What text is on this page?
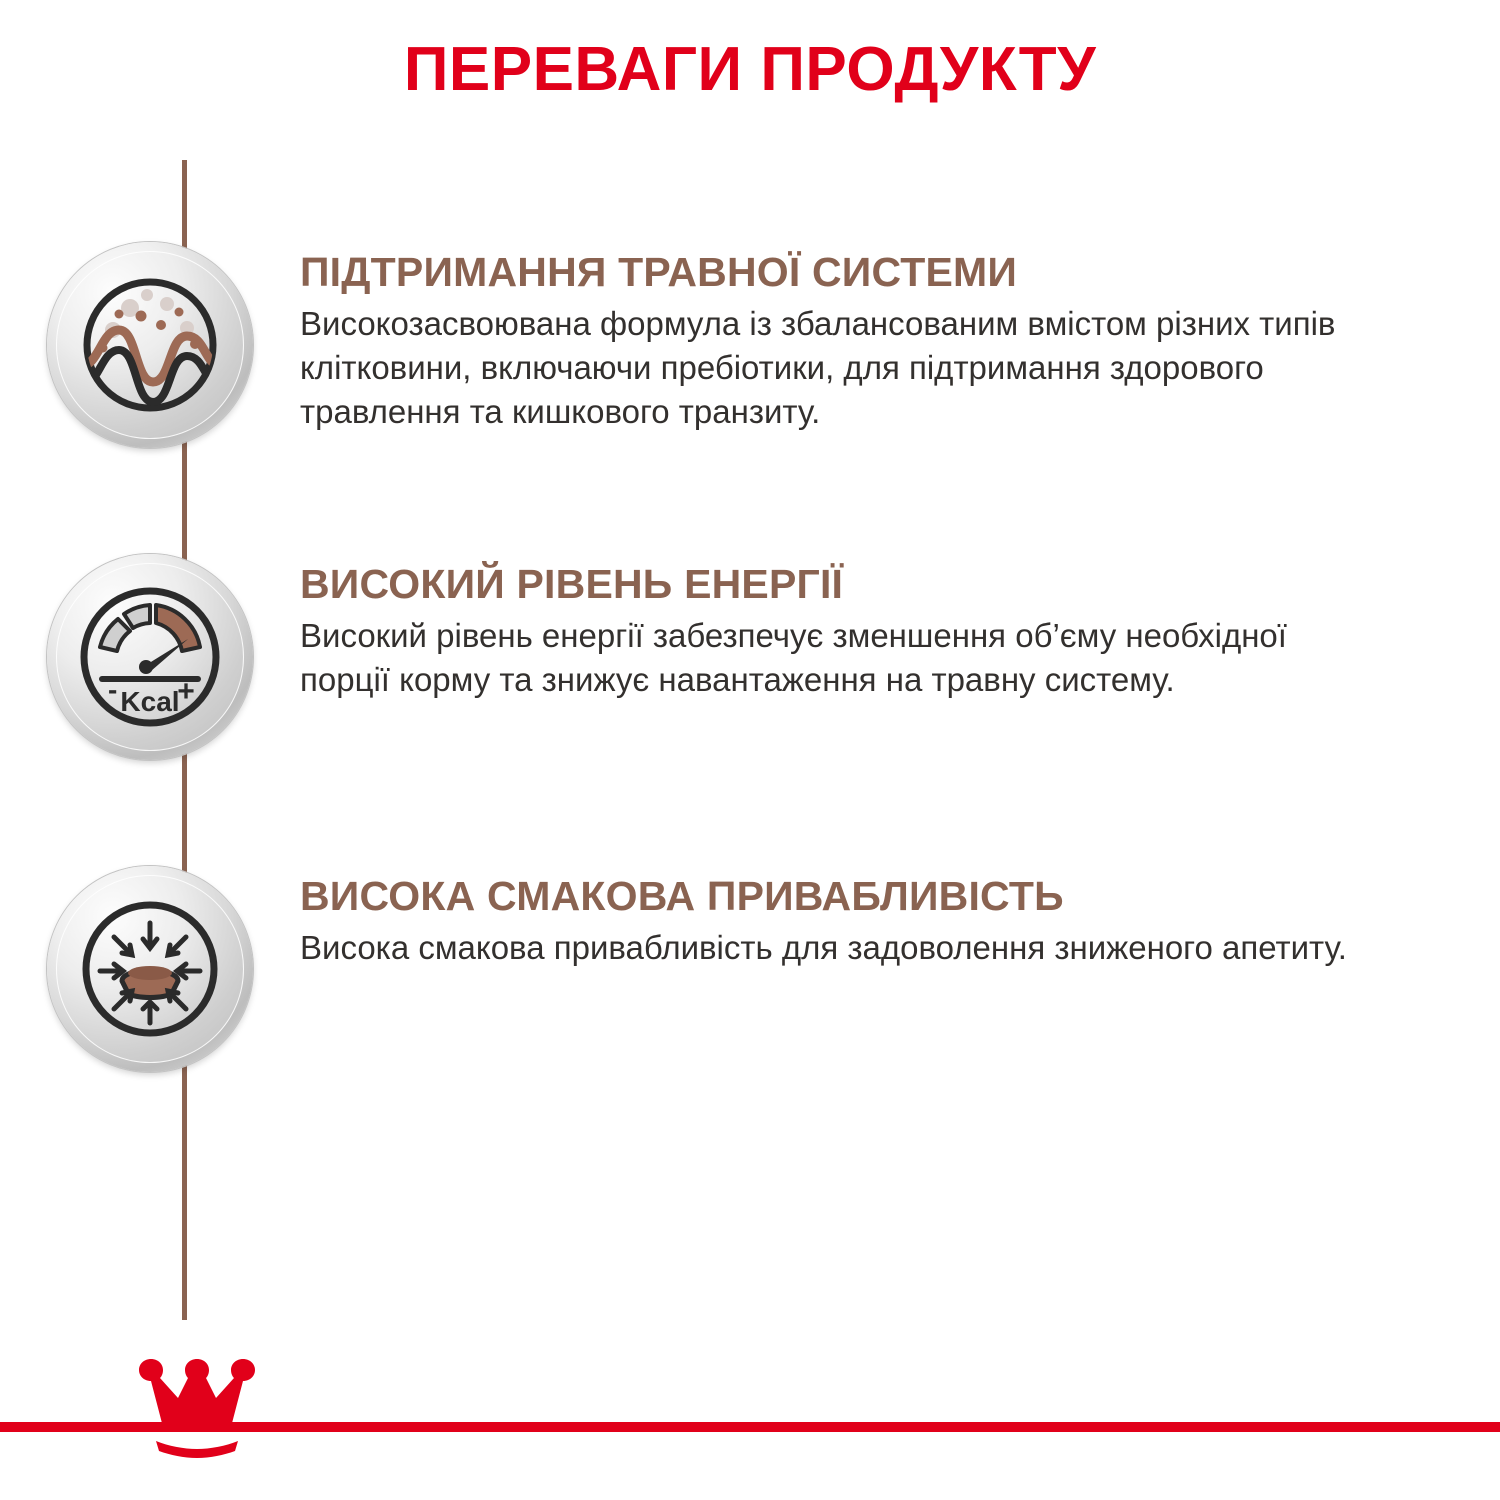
ПЕРЕВАГИ ПРОДУКТУ

ПІДТРИМАННЯ ТРАВНОЇ СИСТЕМИ

Високозасвоювана формула із збалансованим вмістом різних типів клітковини, включаючи пребіотики, для підтримання здорового травлення та кишкового транзиту.

- Kcal
+

ВИСОКИЙ РІВЕНЬ ЕНЕРГІЇ

Високий рівень енергії забезпечує зменшення об’єму необхідної порції корму та знижує навантаження на травну систему.

ВИСОКА СМАКОВА ПРИВАБЛИВІСТЬ

Висока смакова привабливість для задоволення зниженого апетиту.
